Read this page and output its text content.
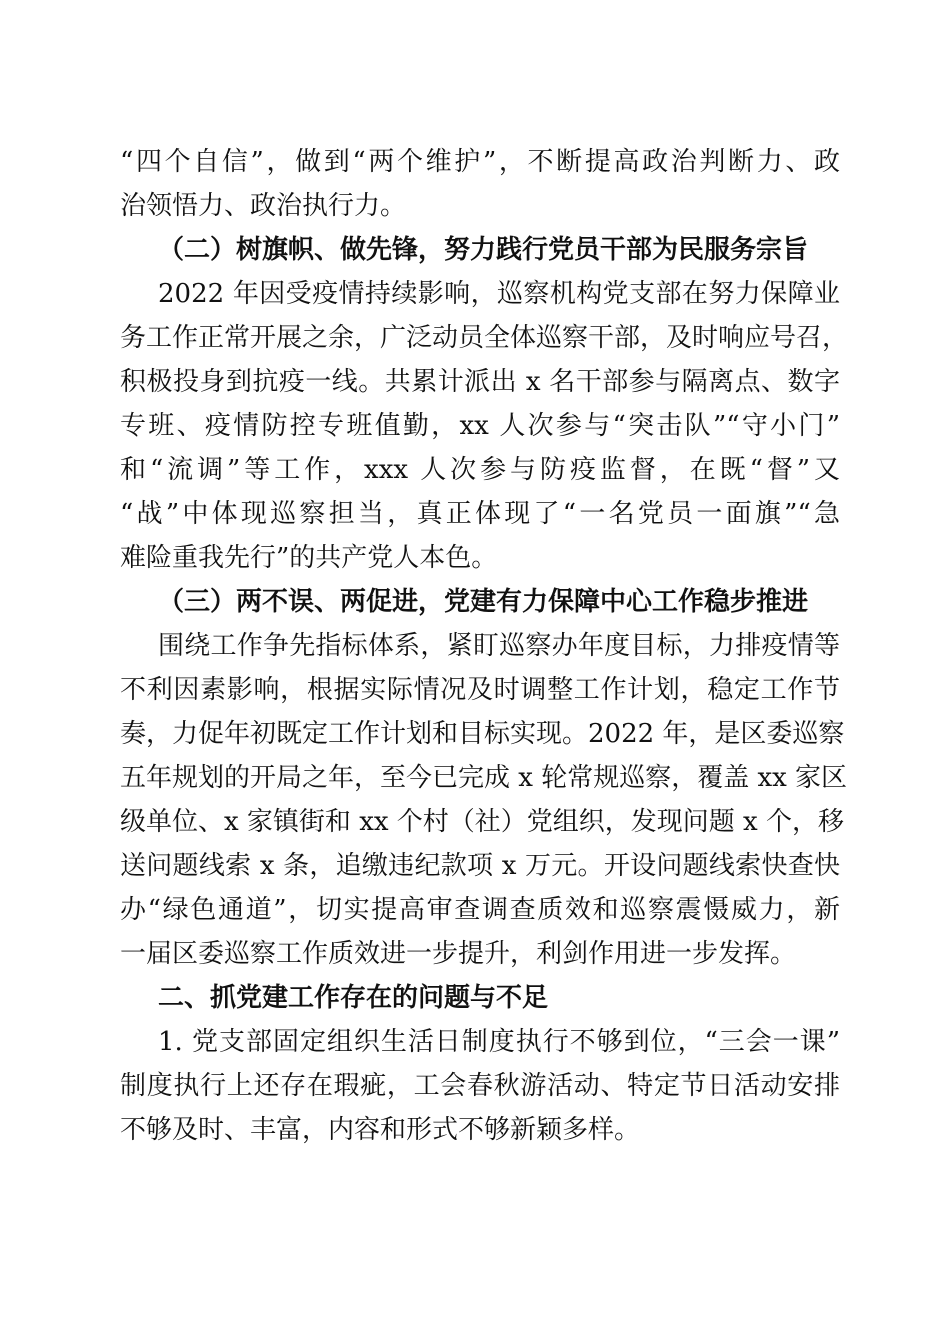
“四个自信”，做到“两个维护”，不断提高政治判断力、政

治领悟力、政治执行力。

（二）树旗帜、做先锋，努力践行党员干部为民服务宗旨

2022 年因受疫情持续影响，巡察机构党支部在努力保障业

务工作正常开展之余，广泛动员全体巡察干部，及时响应号召，

积极投身到抗疫一线。共累计派出 x 名干部参与隔离点、数字

专班、疫情防控专班值勤，xx 人次参与“突击队”“守小门”

和“流调”等工作，xxx 人次参与防疫监督，在既“督”又

“战”中体现巡察担当，真正体现了“一名党员一面旗”“急

难险重我先行”的共产党人本色。

（三）两不误、两促进，党建有力保障中心工作稳步推进

围绕工作争先指标体系，紧盯巡察办年度目标，力排疫情等

不利因素影响，根据实际情况及时调整工作计划，稳定工作节

奏，力促年初既定工作计划和目标实现。2022 年，是区委巡察

五年规划的开局之年，至今已完成 x 轮常规巡察，覆盖 xx 家区

级单位、x 家镇街和 xx 个村（社）党组织，发现问题 x 个，移

送问题线索 x 条，追缴违纪款项 x 万元。开设问题线索快查快

办“绿色通道”，切实提高审查调查质效和巡察震慑威力，新

一届区委巡察工作质效进一步提升，利剑作用进一步发挥。

二、抓党建工作存在的问题与不足

1. 党支部固定组织生活日制度执行不够到位，“三会一课”

制度执行上还存在瑕疵，工会春秋游活动、特定节日活动安排

不够及时、丰富，内容和形式不够新颖多样。
